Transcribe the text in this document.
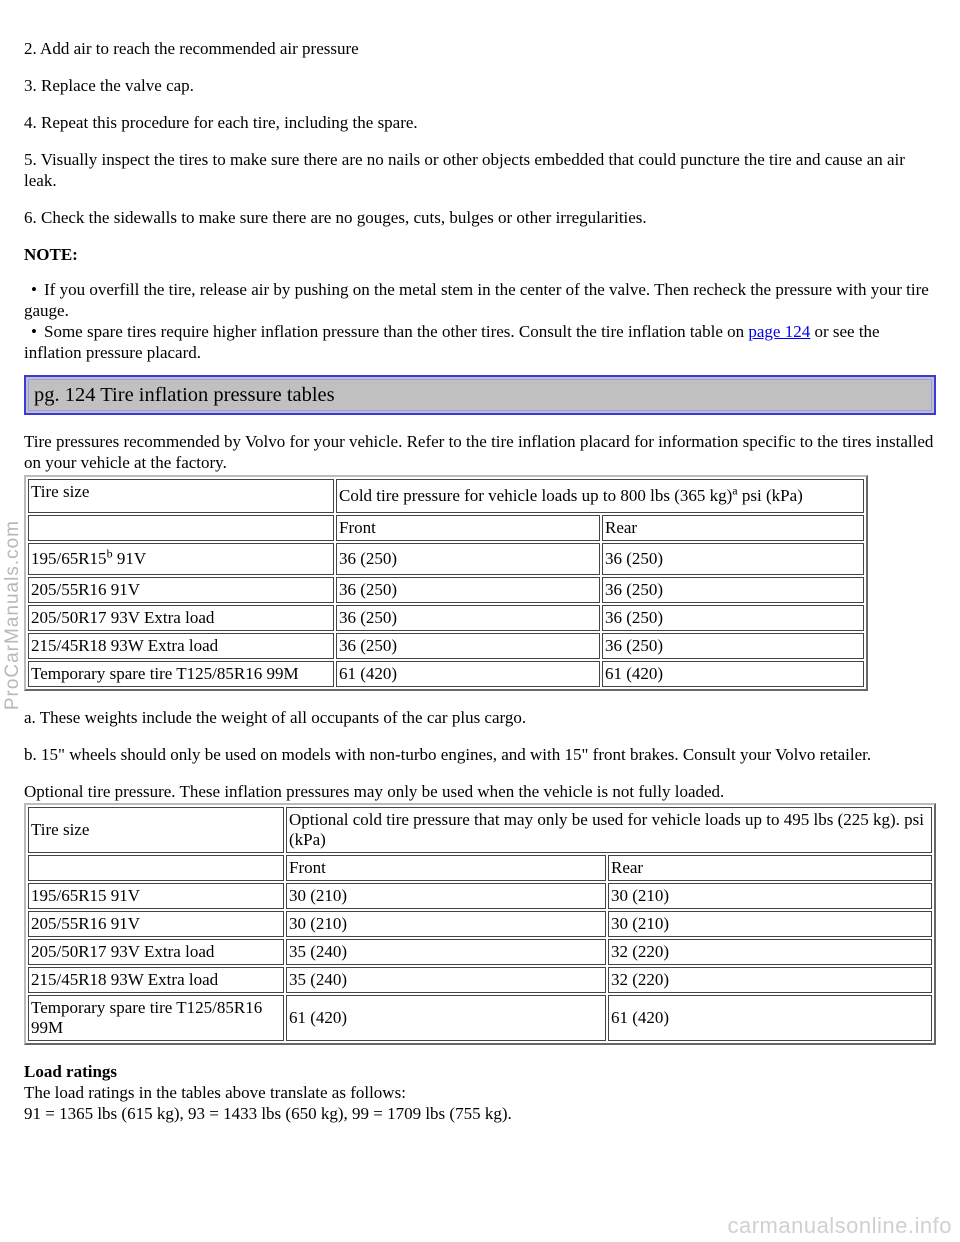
ProCarManuals.com

2. Add air to reach the recommended air pressure

3. Replace the valve cap.

4. Repeat this procedure for each tire, including the spare.

5. Visually inspect the tires to make sure there are no nails or other objects embedded that could puncture the tire and cause an air leak.

6. Check the sidewalls to make sure there are no gouges, cuts, bulges or other irregularities.

NOTE:

• If you overfill the tire, release air by pushing on the metal stem in the center of the valve. Then recheck the pressure with your tire gauge.
• Some spare tires require higher inflation pressure than the other tires. Consult the tire inflation table on page 124 or see the inflation pressure placard.
pg. 124 Tire inflation pressure tables

Tire pressures recommended by Volvo for your vehicle. Refer to the tire inflation placard for information specific to the tires installed on your vehicle at the factory.

Tire size	Cold tire pressure for vehicle loads up to 800 lbs (365 kg)$^a$ psi (kPa)	
	Front	Rear
195/65R15$^b$ 91V	36 (250)	36 (250)
205/55R16 91V	36 (250)	36 (250)
205/50R17 93V Extra load	36 (250)	36 (250)
215/45R18 93W Extra load	36 (250)	36 (250)
Temporary spare tire T125/85R16 99M	61 (420)	61 (420)

a. These weights include the weight of all occupants of the car plus cargo.

b. 15" wheels should only be used on models with non-turbo engines, and with 15" front brakes. Consult your Volvo retailer.

Optional tire pressure. These inflation pressures may only be used when the vehicle is not fully loaded.

Tire size	Optional cold tire pressure that may only be used for vehicle loads up to 495 lbs (225 kg). psi (kPa)	
	Front	Rear
195/65R15 91V	30 (210)	30 (210)
205/55R16 91V	30 (210)	30 (210)
205/50R17 93V Extra load	35 (240)	32 (220)
215/45R18 93W Extra load	35 (240)	32 (220)
Temporary spare tire T125/85R16 99M	61 (420)	61 (420)

Load ratings

The load ratings in the tables above translate as follows:

91 = 1365 lbs (615 kg), 93 = 1433 lbs (650 kg), 99 = 1709 lbs (755 kg).

carmanualsonline.info
